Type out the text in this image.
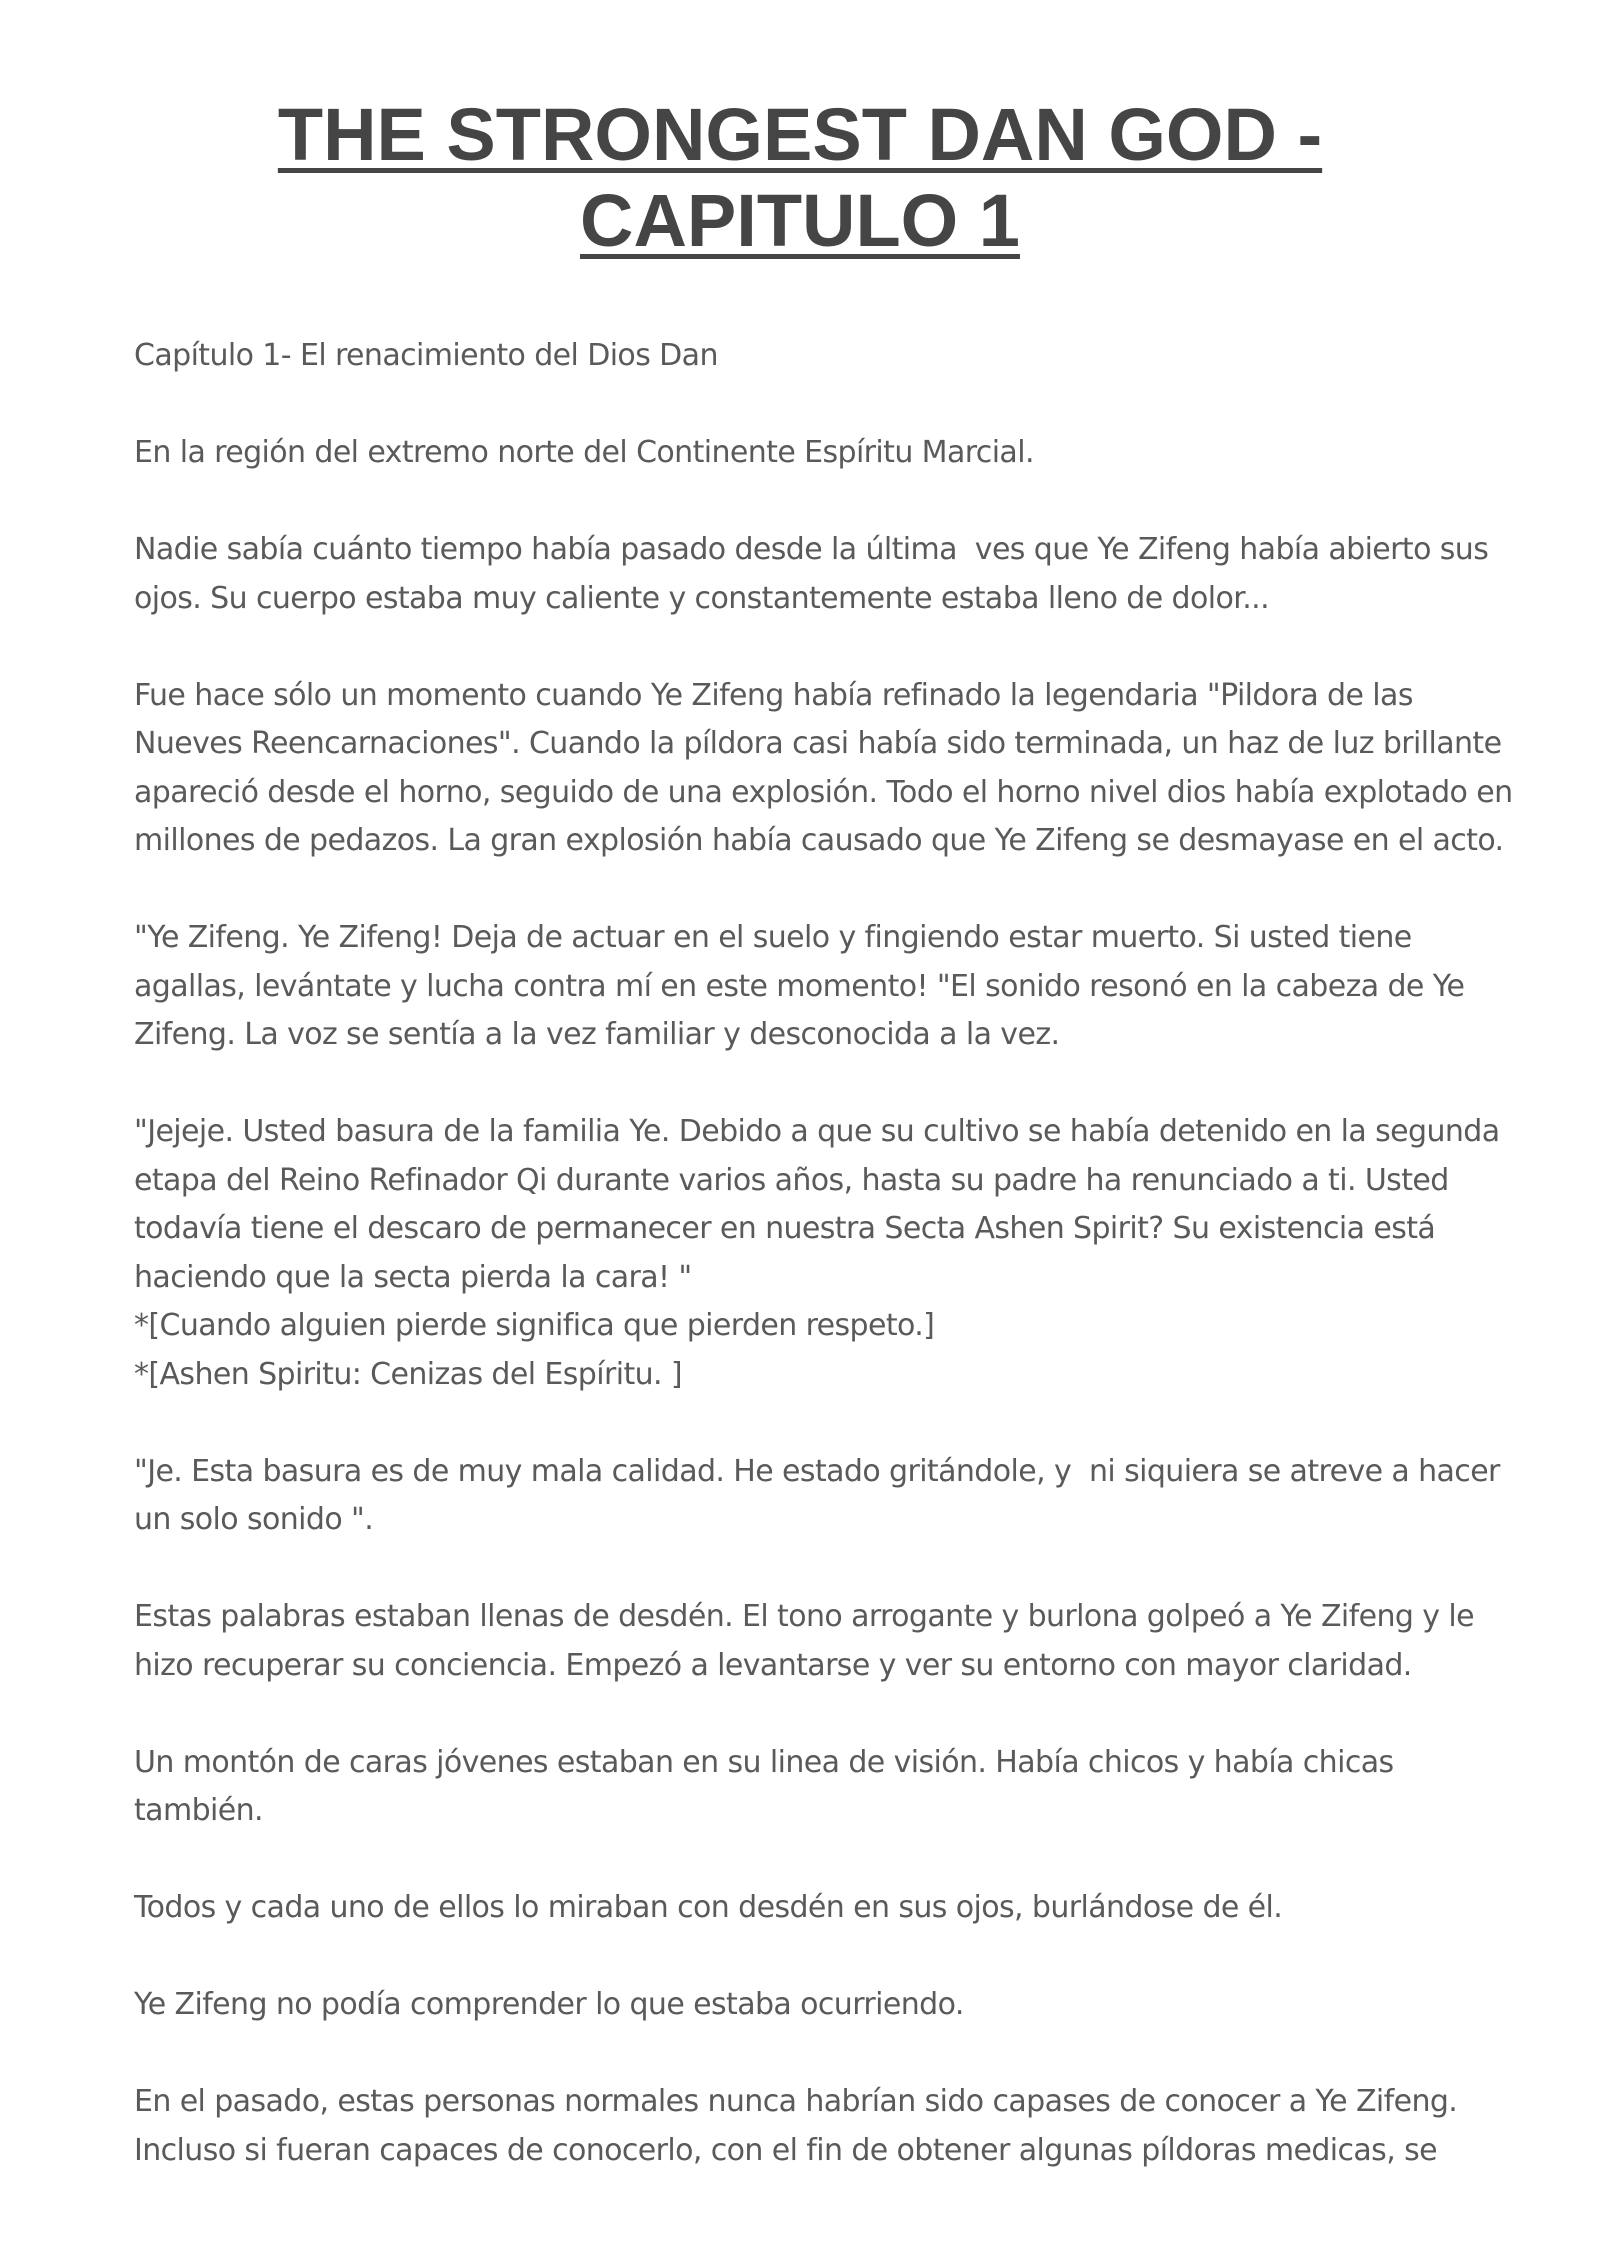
THE STRONGEST DAN GOD -
CAPITULO 1

Capítulo 1- El renacimiento del Dios Dan

En la región del extremo norte del Continente Espíritu Marcial.

Nadie sabía cuánto tiempo había pasado desde la última  ves que Ye Zifeng había abierto sus ojos. Su cuerpo estaba muy caliente y constantemente estaba lleno de dolor...

Fue hace sólo un momento cuando Ye Zifeng había refinado la legendaria "Pildora de las Nueves Reencarnaciones". Cuando la píldora casi había sido terminada, un haz de luz brillante apareció desde el horno, seguido de una explosión. Todo el horno nivel dios había explotado en millones de pedazos. La gran explosión había causado que Ye Zifeng se desmayase en el acto.

"Ye Zifeng. Ye Zifeng! Deja de actuar en el suelo y fingiendo estar muerto. Si usted tiene agallas, levántate y lucha contra mí en este momento! "El sonido resonó en la cabeza de Ye Zifeng. La voz se sentía a la vez familiar y desconocida a la vez.

"Jejeje. Usted basura de la familia Ye. Debido a que su cultivo se había detenido en la segunda etapa del Reino Refinador Qi durante varios años, hasta su padre ha renunciado a ti. Usted todavía tiene el descaro de permanecer en nuestra Secta Ashen Spirit? Su existencia está haciendo que la secta pierda la cara! "

*[Cuando alguien pierde significa que pierden respeto.]

*[Ashen Spiritu: Cenizas del Espíritu. ]

"Je. Esta basura es de muy mala calidad. He estado gritándole, y  ni siquiera se atreve a hacer un solo sonido ".

Estas palabras estaban llenas de desdén. El tono arrogante y burlona golpeó a Ye Zifeng y le hizo recuperar su conciencia. Empezó a levantarse y ver su entorno con mayor claridad.

Un montón de caras jóvenes estaban en su linea de visión. Había chicos y había chicas también.

Todos y cada uno de ellos lo miraban con desdén en sus ojos, burlándose de él.

Ye Zifeng no podía comprender lo que estaba ocurriendo.

En el pasado, estas personas normales nunca habrían sido capases de conocer a Ye Zifeng. Incluso si fueran capaces de conocerlo, con el fin de obtener algunas píldoras medicas, se
